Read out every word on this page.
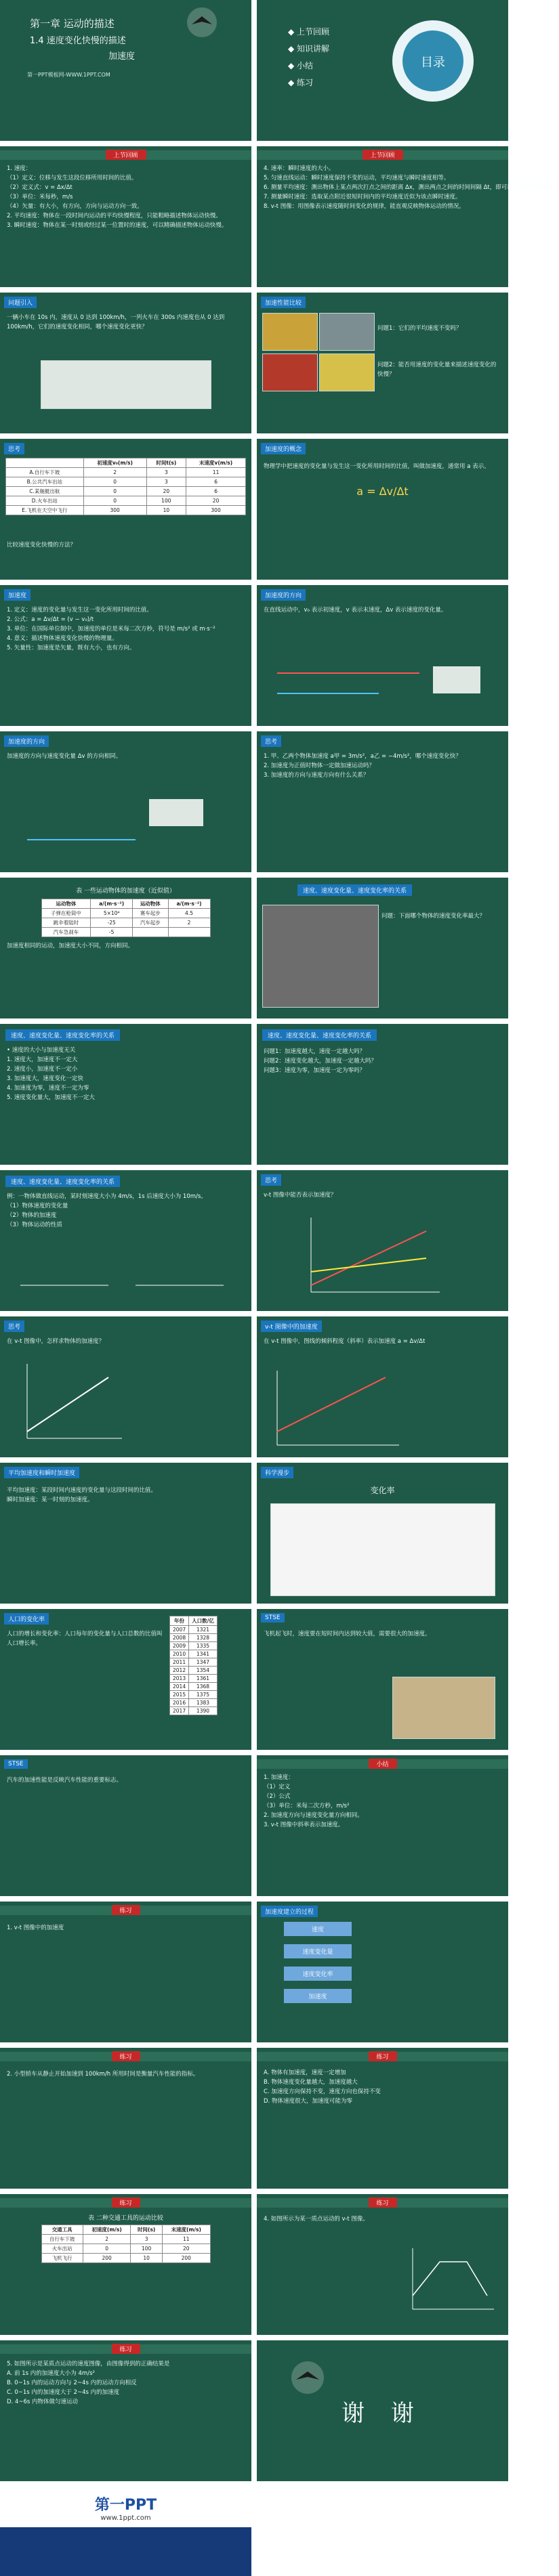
第一章 运动的描述
1.4 速度变化快慢的描述
加速度
第一PPT模板网-WWW.1PPT.COM
◆ 上节回顾
◆ 知识讲解
◆ 小结
◆ 练习
目录
上节回顾
1. 速度：
（1）定义：位移与发生这段位移所用时间的比值。
（2）定义式：v = Δx/Δt
（3）单位：米每秒，m/s
（4）矢量：有大小，有方向，方向与运动方向一致。
2. 平均速度：物体在一段时间内运动的平均快慢程度，只能粗略描述物体运动快慢。
3. 瞬时速度：物体在某一时刻或经过某一位置时的速度，可以精确描述物体运动快慢。
上节回顾
4. 速率：瞬时速度的大小。
5. 匀速直线运动：瞬时速度保持不变的运动，平均速度与瞬时速度相等。
6. 测量平均速度：测出物体上某点两次打点之间的距离 Δx，测出两点之间的时间间隔 Δt，即可以计算出平均速度。
7. 测量瞬时速度：选取某点附近很短时间内的平均速度近似为该点瞬时速度。
8. v-t 图像：用图像表示速度随时间变化的规律，能直观反映物体运动的情况。
问题引入
一辆小车在 10s 内，速度从 0 达到 100km/h，一列火车在 300s 内速度也从 0 达到 100km/h，它们的速度变化相同，哪个速度变化更快？
加速性能比较
问题1：它们的平均速度不变吗？
问题2：能否用速度的变化量来描述速度变化的快慢？
思考
	初速度v₀(m/s)	时间t(s)	末速度v(m/s)
A.自行车下坡	2	3	11
B.公共汽车出站	0	3	6
C.某舰艇出航	0	20	6
D.火车出站	0	100	20
E.飞机在天空中飞行	300	10	300
比较速度变化快慢的方法？
加速度的概念
物理学中把速度的变化量与发生这一变化所用时间的比值，叫做加速度，通常用 a 表示。
a = Δv/Δt
加速度
1. 定义：速度的变化量与发生这一变化所用时间的比值。
2. 公式：a = Δv/Δt = (v − v₀)/t
3. 单位：在国际单位制中，加速度的单位是米每二次方秒，符号是 m/s² 或 m·s⁻²
4. 意义：描述物体速度变化快慢的物理量。
5. 矢量性：加速度是矢量，既有大小，也有方向。
加速度的方向
在直线运动中，v₀ 表示初速度，v 表示末速度，Δv 表示速度的变化量。
加速度的方向
加速度的方向与速度变化量 Δv 的方向相同。
思考
1. 甲、乙两个物体加速度 a甲 = 3m/s²，a乙 = −4m/s²，哪个速度变化快？
2. 加速度为正值时物体一定做加速运动吗？
3. 加速度的方向与速度方向有什么关系？
表 一些运动物体的加速度（近似值）
运动物体	a/(m·s⁻²)	运动物体	a/(m·s⁻²)
子弹在枪筒中	5×10⁴	赛车起步	4.5
跳伞着陆时	-25	汽车起步	2
汽车急刹车	-5		
加速度相同的运动，加速度大小不同，方向相同。
速度、速度变化量、速度变化率的关系
问题：下面哪个物体的速度变化率最大？
速度、速度变化量、速度变化率的关系
• 速度的大小与加速度无关
1. 速度大，加速度不一定大
2. 速度小，加速度不一定小
3. 加速度大，速度变化一定快
4. 加速度为零，速度不一定为零
5. 速度变化量大，加速度不一定大
速度、速度变化量、速度变化率的关系
问题1：加速度越大，速度一定越大吗？
问题2：速度变化越大，加速度一定越大吗？
问题3：速度为零，加速度一定为零吗？
速度、速度变化量、速度变化率的关系
例：一物体做直线运动，某时刻速度大小为 4m/s，1s 后速度大小为 10m/s。
（1）物体速度的变化量
（2）物体的加速度
（3）物体运动的性质
思考
v-t 图像中能否表示加速度？
思考
在 v-t 图像中，怎样求物体的加速度？
v-t 图像中的加速度
在 v-t 图像中，图线的倾斜程度（斜率）表示加速度 a = Δv/Δt
平均加速度和瞬时加速度
平均加速度：某段时间内速度的变化量与这段时间的比值。
瞬时加速度：某一时刻的加速度。
科学漫步
变化率
人口的变化率
人口的增长和变化率：人口每年的变化量与人口总数的比值叫人口增长率。
年份	人口数/亿
2007	1321
2008	1328
2009	1335
2010	1341
2011	1347
2012	1354
2013	1361
2014	1368
2015	1375
2016	1383
2017	1390
STSE
飞机起飞时，速度要在短时间内达到较大值，需要很大的加速度。
STSE
汽车的加速性能是反映汽车性能的重要标志。
小结
1. 加速度：
（1）定义
（2）公式
（3）单位：米每二次方秒，m/s²
2. 加速度方向与速度变化量方向相同。
3. v-t 图像中斜率表示加速度。
练习
1. v-t 图像中的加速度
加速度建立的过程
速度
速度变化量
速度变化率
加速度
练习
2. 小型轿车从静止开始加速到 100km/h 所用时间是衡量汽车性能的指标。
练习
A. 物体有加速度，速度一定增加
B. 物体速度变化量越大，加速度越大
C. 加速度方向保持不变，速度方向也保持不变
D. 物体速度很大，加速度可能为零
练习
表 二种交通工具的运动比较
交通工具	初速度(m/s)	时间(s)	末速度(m/s)
自行车下坡	2	3	11
火车出站	0	100	20
飞机飞行	200	10	200
练习
4. 如图所示为某一质点运动的 v-t 图像。
练习
5. 如图所示是某质点运动的速度图像，由图像得到的正确结果是
A. 前 1s 内的加速度大小为 4m/s²
B. 0~1s 内的运动方向与 2~4s 内的运动方向相反
C. 0~1s 内的加速度大于 2~4s 内的加速度
D. 4~6s 内物体做匀速运动	谢 谢
第一PPT
www.1ppt.com
